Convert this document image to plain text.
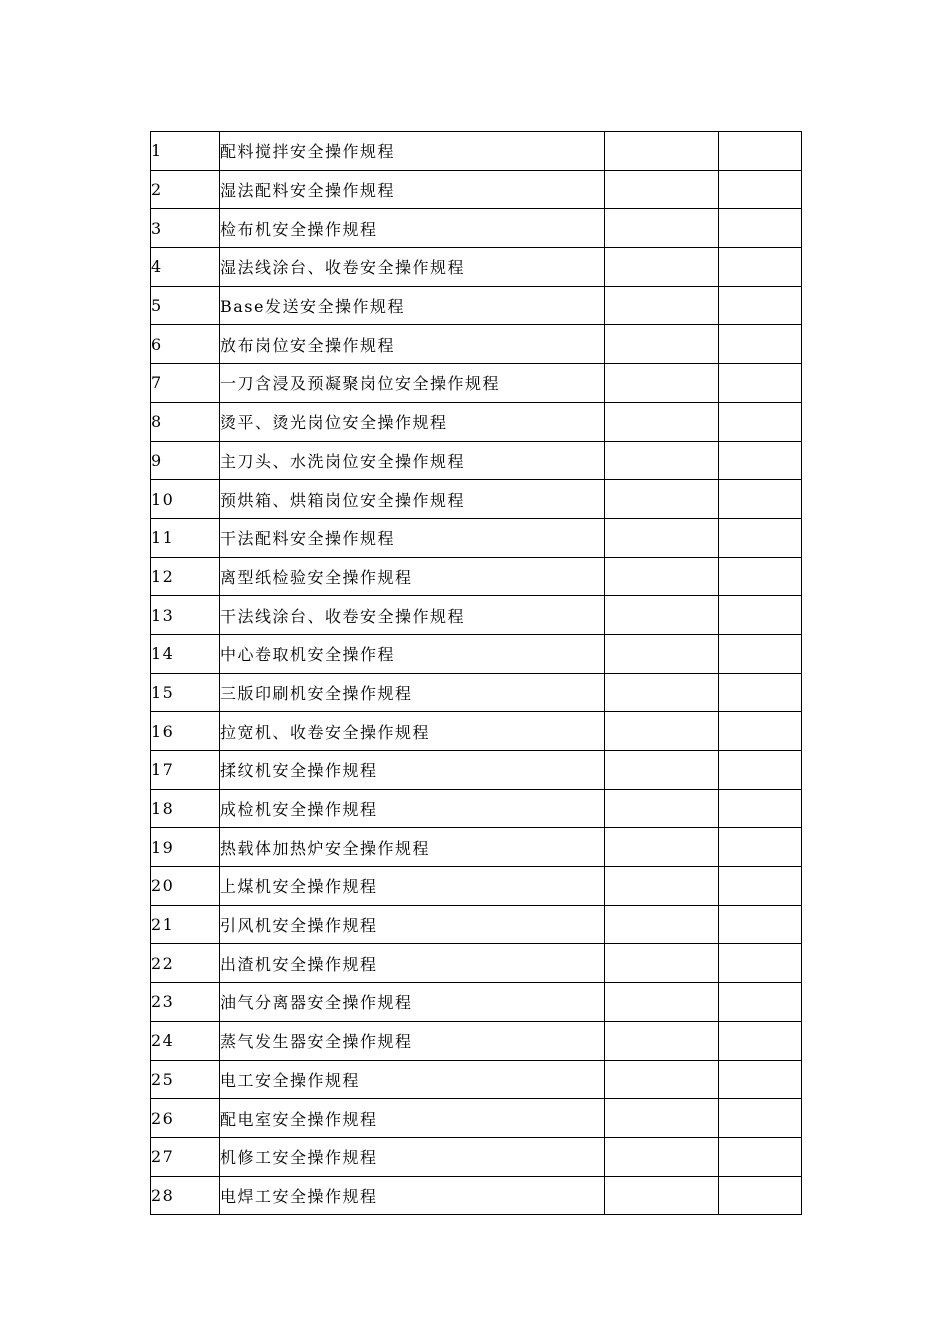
1	配料搅拌安全操作规程		
2	湿法配料安全操作规程		
3	检布机安全操作规程		
4	湿法线涂台、收卷安全操作规程		
5	Base发送安全操作规程		
6	放布岗位安全操作规程		
7	一刀含浸及预凝聚岗位安全操作规程		
8	烫平、烫光岗位安全操作规程		
9	主刀头、水洗岗位安全操作规程		
10	预烘箱、烘箱岗位安全操作规程		
11	干法配料安全操作规程		
12	离型纸检验安全操作规程		
13	干法线涂台、收卷安全操作规程		
14	中心卷取机安全操作程		
15	三版印刷机安全操作规程		
16	拉宽机、收卷安全操作规程		
17	揉纹机安全操作规程		
18	成检机安全操作规程		
19	热载体加热炉安全操作规程		
20	上煤机安全操作规程		
21	引风机安全操作规程		
22	出渣机安全操作规程		
23	油气分离器安全操作规程		
24	蒸气发生器安全操作规程		
25	电工安全操作规程		
26	配电室安全操作规程		
27	机修工安全操作规程		
28	电焊工安全操作规程		
